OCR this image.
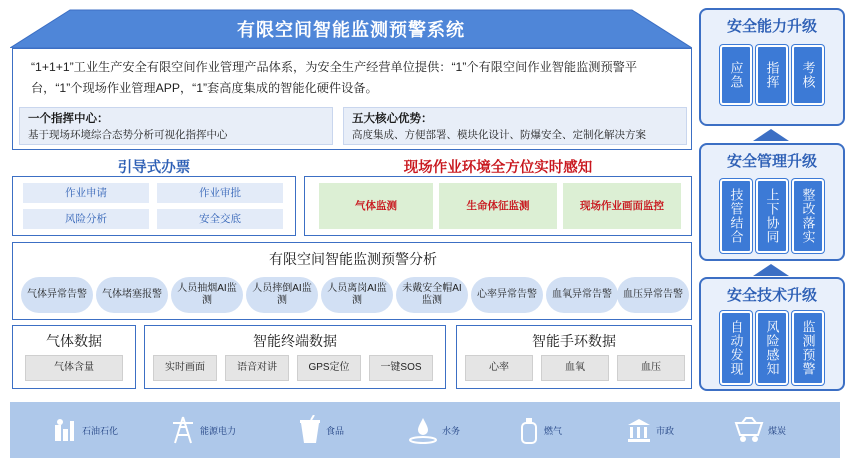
有限空间智能监测预警系统
“1+1+1”工业生产安全有限空间作业管理产品体系，为安全生产经营单位提供：“1”个有限空间作业智能监测预警平台，“1”个现场作业管理APP，“1”套高度集成的智能化硬件设备。
一个指挥中心：
基于现场环境综合态势分析可视化指挥中心
五大核心优势：
高度集成、方便部署、模块化设计、防爆安全、定制化解决方案
引导式办票	现场作业环境全方位实时感知
作业申请	作业审批
风险分析	安全交底
气体监测	生命体征监测	现场作业画面监控
有限空间智能监测预警分析
气体异常告警	气体堵塞报警
人员抽烟AI监测
人员摔倒AI监测
人员离岗AI监测
未戴安全帽AI监测
心率异常告警	血氧异常告警	血压异常告警
气体数据
气体含量
智能终端数据
实时画面	语音对讲	GPS定位	一键SOS
智能手环数据
心率	血氧	血压
石油石化	能源电力	食品	水务	燃气	市政	煤炭
安全能力升级
应急	指挥	考核
安全管理升级
技管结合	上下协同	整改落实
安全技术升级
自动发现	风险感知	监测预警
